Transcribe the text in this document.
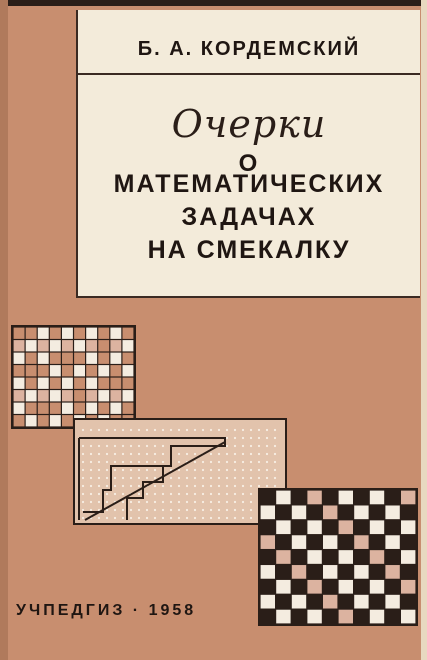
Б. А. КОРДЕМСКИЙ
Очерки
О
МАТЕМАТИЧЕСКИХ
ЗАДАЧАХ
НА СМЕКАЛКУ
УЧПЕДГИЗ · 1958
